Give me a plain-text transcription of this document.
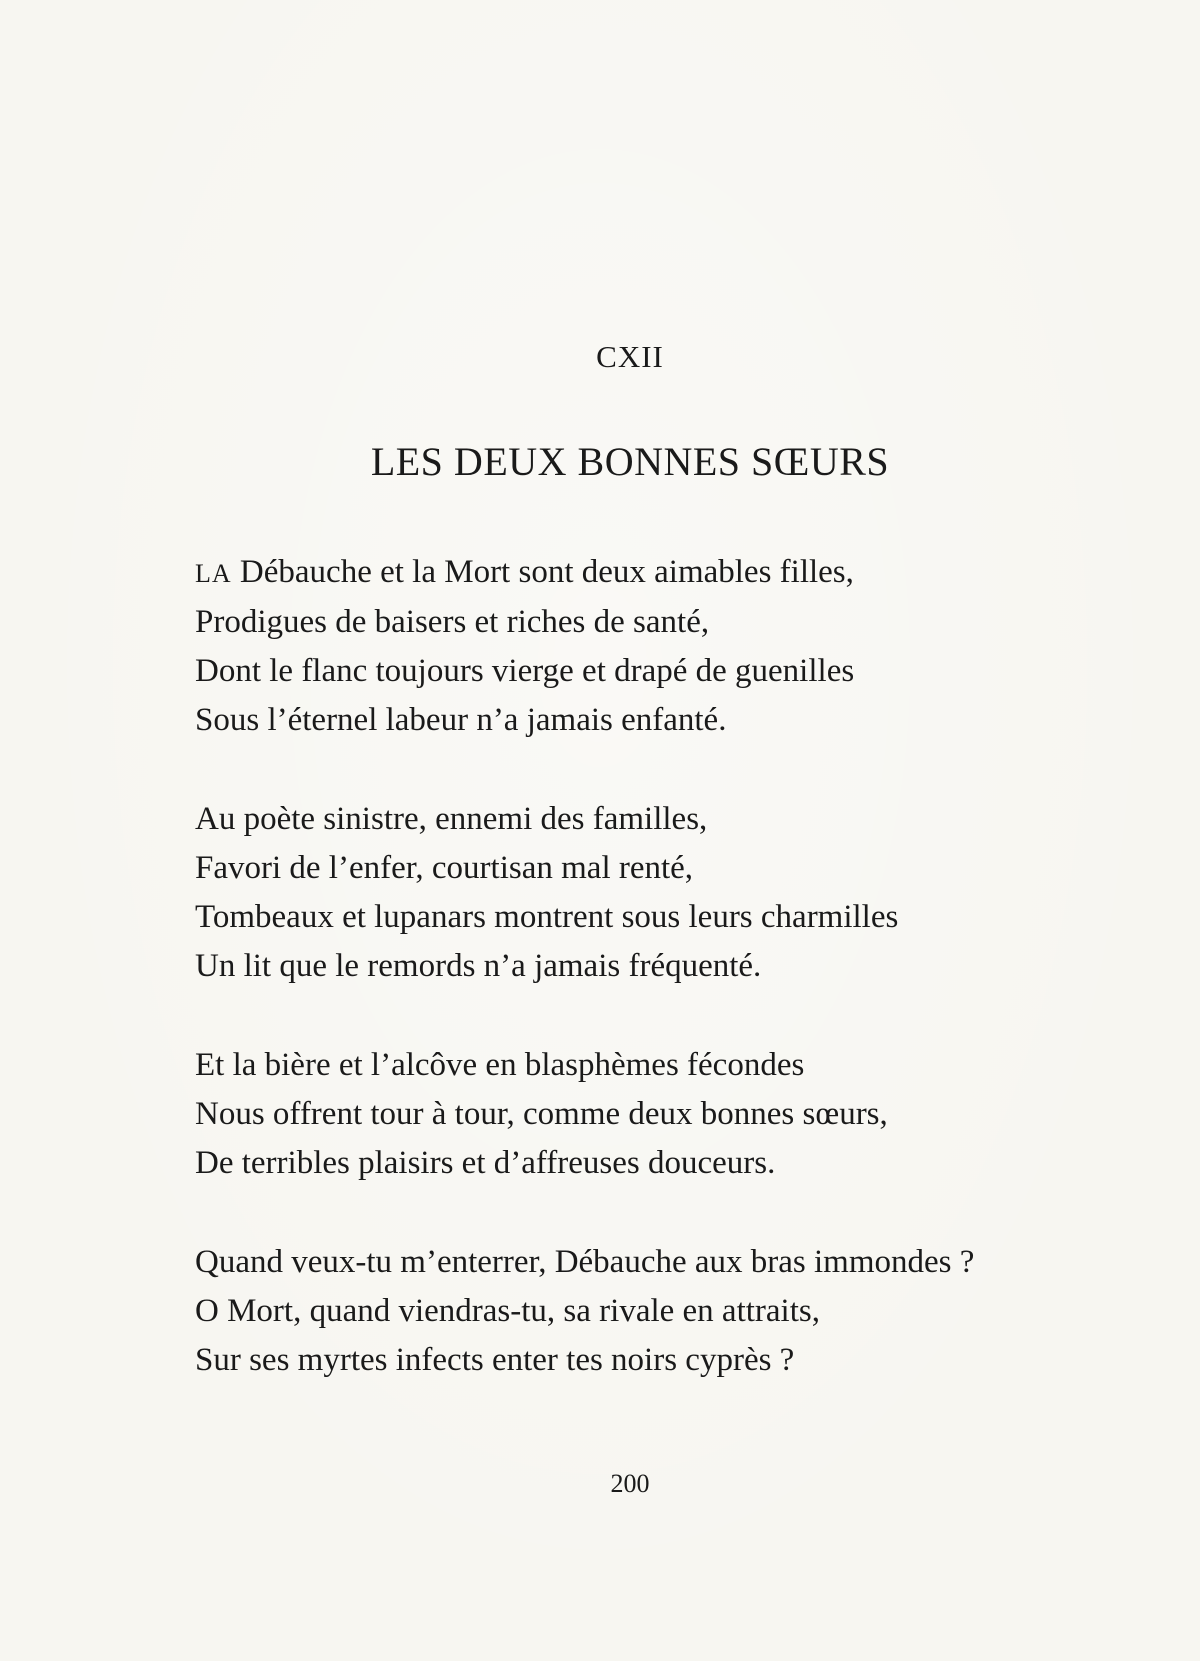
CXII
LES DEUX BONNES SŒURS
LA Débauche et la Mort sont deux aimables filles,
Prodigues de baisers et riches de santé,
Dont le flanc toujours vierge et drapé de guenilles
Sous l’éternel labeur n’a jamais enfanté.
Au poète sinistre, ennemi des familles,
Favori de l’enfer, courtisan mal renté,
Tombeaux et lupanars montrent sous leurs charmilles
Un lit que le remords n’a jamais fréquenté.
Et la bière et l’alcôve en blasphèmes fécondes
Nous offrent tour à tour, comme deux bonnes sœurs,
De terribles plaisirs et d’affreuses douceurs.
Quand veux-tu m’enterrer, Débauche aux bras immondes ?
O Mort, quand viendras-tu, sa rivale en attraits,
Sur ses myrtes infects enter tes noirs cyprès ?
200
